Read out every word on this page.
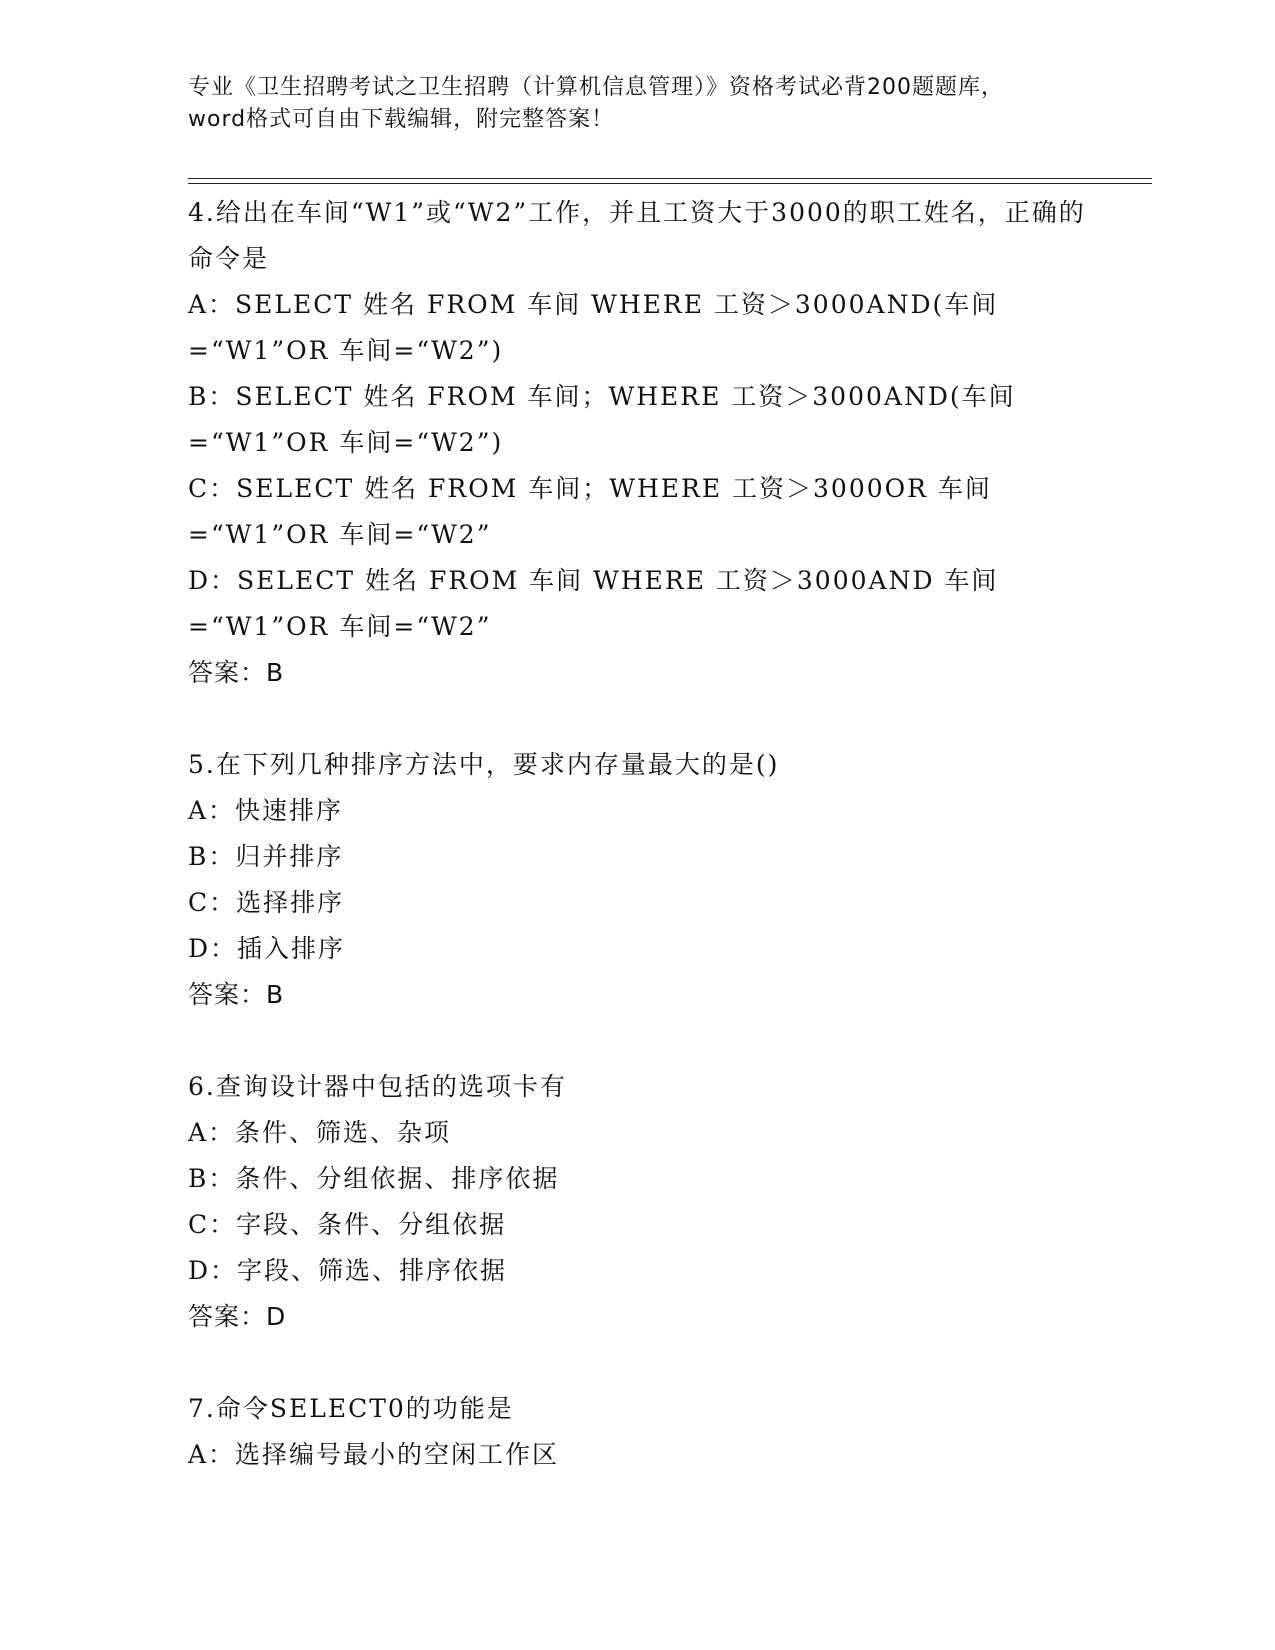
专业《卫生招聘考试之卫生招聘（计算机信息管理）》资格考试必背200题题库，
word格式可自由下载编辑，附完整答案！
4.给出在车间“W1”或“W2”工作，并且工资大于3000的职工姓名，正确的命令是
A：SELECT 姓名 FROM 车间 WHERE 工资＞3000AND(车间=“W1”OR 车间=“W2”)
B：SELECT 姓名 FROM 车间；WHERE 工资＞3000AND(车间=“W1”OR 车间=“W2”)
C：SELECT 姓名 FROM 车间；WHERE 工资＞3000OR 车间=“W1”OR 车间=“W2”
D：SELECT 姓名 FROM 车间 WHERE 工资＞3000AND 车间=“W1”OR 车间=“W2”
答案：B
5.在下列几种排序方法中，要求内存量最大的是()
A：快速排序
B：归并排序
C：选择排序
D：插入排序
答案：B
6.查询设计器中包括的选项卡有
A：条件、筛选、杂项
B：条件、分组依据、排序依据
C：字段、条件、分组依据
D：字段、筛选、排序依据
答案：D
7.命令SELECT0的功能是
A：选择编号最小的空闲工作区
